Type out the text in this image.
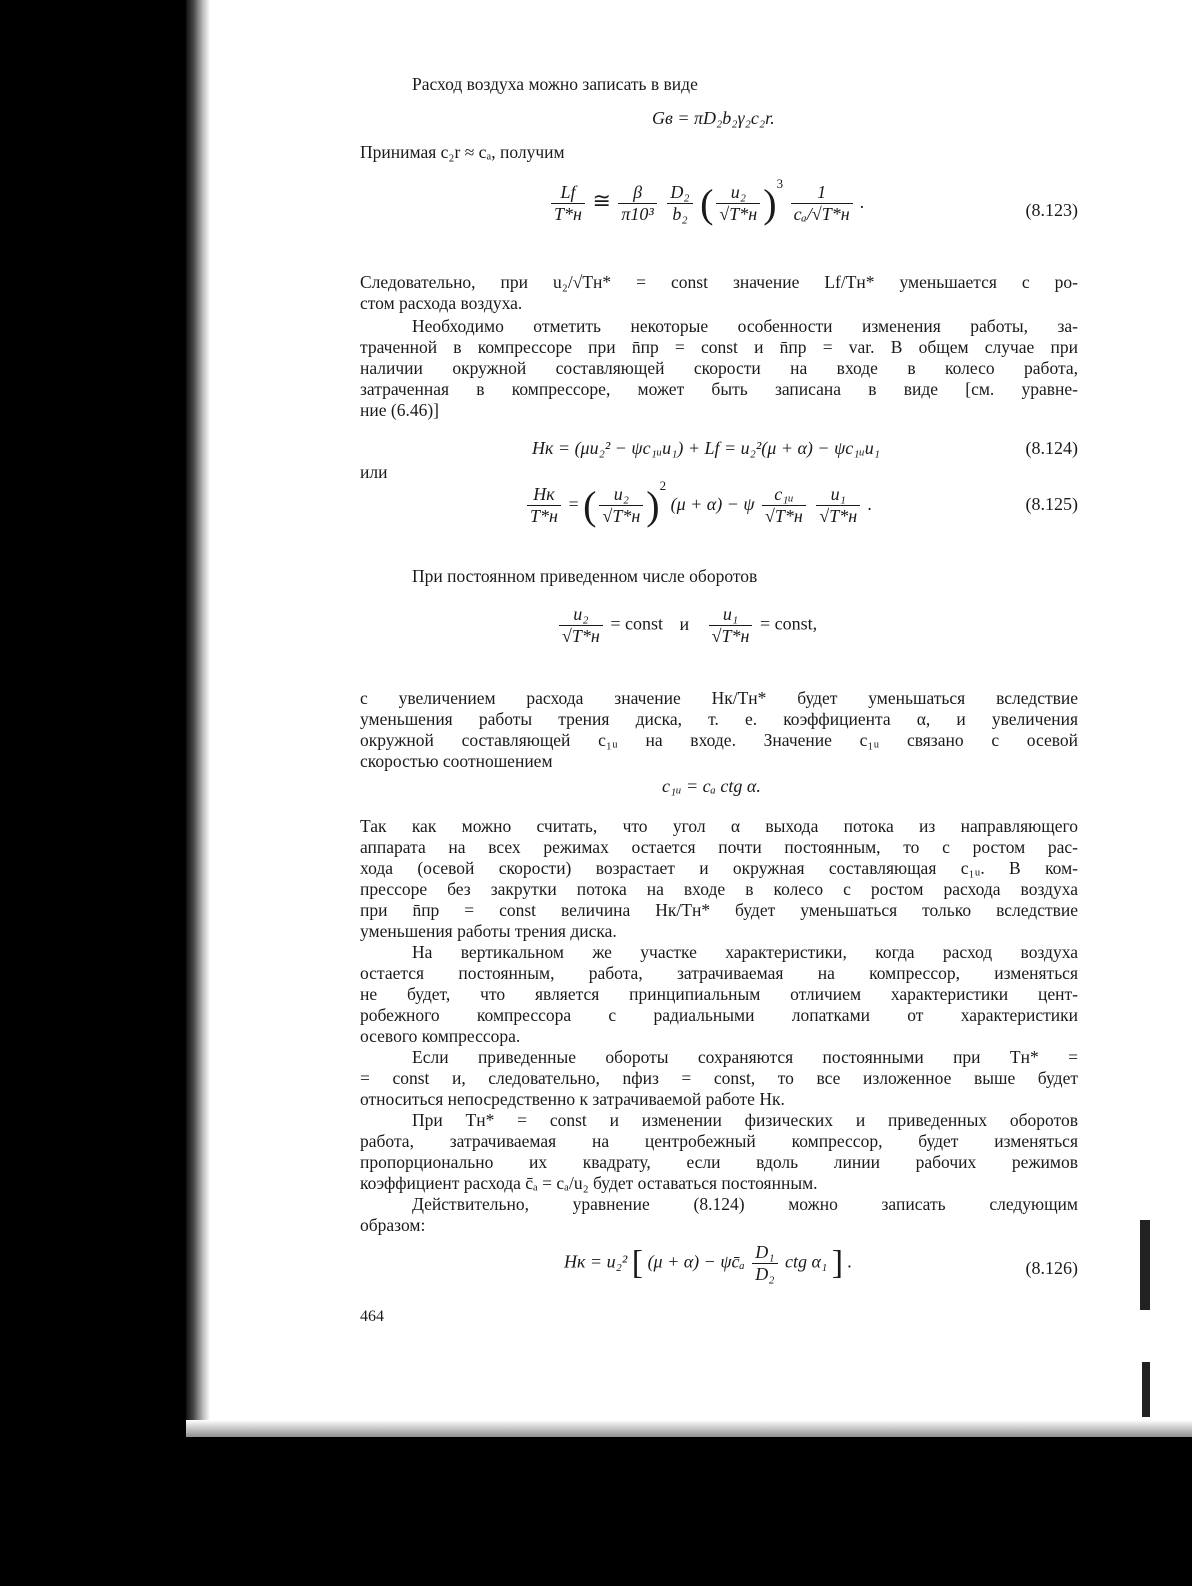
Расход воздуха можно записать в виде
Gв = πD₂b₂γ₂c₂r.
Принимая c₂r ≈ cₐ, получим
$\frac{Lf}{T*н}$ ≅ $\frac{\beta}{\text{π10³}}$
$\frac{\text{D₂}}{\text{b₂}}$ ( $\frac{\text{u₂}}{√T*н} )^3 \frac{1}{\text{cₐ/√T*н}}$ .	(8.123)
Следовательно, при u₂/√Tн* = const значение Lf/Tн* уменьшается с ро-
стом расхода воздуха.
Необходимо отметить некоторые особенности изменения работы, за-
траченной в компрессоре при n̄пр = const и n̄пр = var. В общем случае при
наличии окружной составляющей скорости на входе в колесо работа,
затраченная в компрессоре, может быть записана в виде [см. уравне-
ние (6.46)]
Hк = (μu₂² − ψc₁ᵤu₁) + Lf = u₂²(μ + α) − ψc₁ᵤu₁	(8.124)
или
$\frac{Hк}{T*н}$ = ( $\frac{\text{u₂}}{√T*н} )^2$ (μ + α) − ψ $\frac{\text{c₁ᵤ}}{√T*н}$
$\frac{\text{u₁}}{√T*н}$ .	(8.125)
При постоянном приведенном числе оборотов
$\frac{\text{u₂}}{√T*н}$ = const и $\frac{\text{u₁}}{√T*н}$ = const,
с увеличением расхода значение Hк/Tн* будет уменьшаться вследствие
уменьшения работы трения диска, т. е. коэффициента α, и увеличения
окружной составляющей c₁ᵤ на входе. Значение c₁ᵤ связано с осевой
скоростью соотношением
c₁ᵤ = cₐ ctg α.
Так как можно считать, что угол α выхода потока из направляющего
аппарата на всех режимах остается почти постоянным, то с ростом рас-
хода (осевой скорости) возрастает и окружная составляющая c₁ᵤ. В ком-
прессоре без закрутки потока на входе в колесо с ростом расхода воздуха
при n̄пр = const величина Hк/Tн* будет уменьшаться только вследствие
уменьшения работы трения диска.
На вертикальном же участке характеристики, когда расход воздуха
остается постоянным, работа, затрачиваемая на компрессор, изменяться
не будет, что является принципиальным отличием характеристики цент-
робежного компрессора с радиальными лопатками от характеристики
осевого компрессора.
Если приведенные обороты сохраняются постоянными при Tн* =
= const и, следовательно, nфиз = const, то все изложенное выше будет
относиться непосредственно к затрачиваемой работе Hк.
При Tн* = const и изменении физических и приведенных оборотов
работа, затрачиваемая на центробежный компрессор, будет изменяться
пропорционально их квадрату, если вдоль линии рабочих режимов
коэффициент расхода c̄ₐ = cₐ/u₂ будет оставаться постоянным.
Действительно, уравнение (8.124) можно записать следующим
образом:
Hк = u₂² [ (μ + α) − ψc̄ₐ $\frac{\text{D₁}}{\text{D₂}}$ ctg α₁ ] .	(8.126)
464
